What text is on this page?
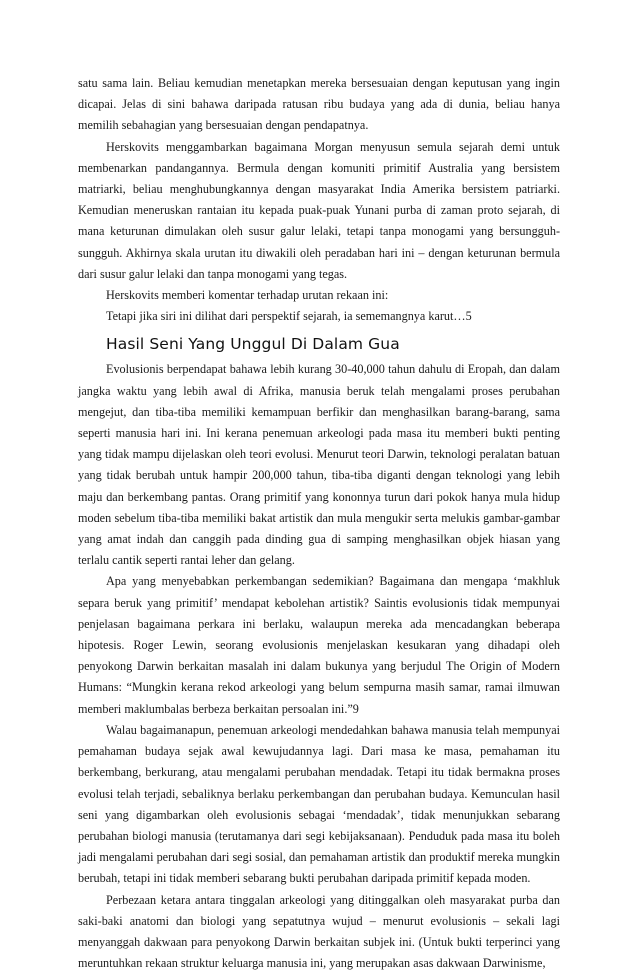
satu sama lain. Beliau kemudian menetapkan mereka bersesuaian dengan keputusan yang ingin dicapai. Jelas di sini bahawa daripada ratusan ribu budaya yang ada di dunia, beliau hanya memilih sebahagian yang bersesuaian dengan pendapatnya.

Herskovits menggambarkan bagaimana Morgan menyusun semula sejarah demi untuk membenarkan pandangannya. Bermula dengan komuniti primitif Australia yang bersistem matriarki, beliau menghubungkannya dengan masyarakat India Amerika bersistem patriarki. Kemudian meneruskan rantaian itu kepada puak-puak Yunani purba di zaman proto sejarah, di mana keturunan dimulakan oleh susur galur lelaki, tetapi tanpa monogami yang bersungguh-sungguh. Akhirnya skala urutan itu diwakili oleh peradaban hari ini – dengan keturunan bermula dari susur galur lelaki dan tanpa monogami yang tegas.

Herskovits memberi komentar terhadap urutan rekaan ini:

Tetapi jika siri ini dilihat dari perspektif sejarah, ia sememangnya karut…5

Hasil Seni Yang Unggul Di Dalam Gua

Evolusionis berpendapat bahawa lebih kurang 30-40,000 tahun dahulu di Eropah, dan dalam jangka waktu yang lebih awal di Afrika, manusia beruk telah mengalami proses perubahan mengejut, dan tiba-tiba memiliki kemampuan berfikir dan menghasilkan barang-barang, sama seperti manusia hari ini. Ini kerana penemuan arkeologi pada masa itu memberi bukti penting yang tidak mampu dijelaskan oleh teori evolusi. Menurut teori Darwin, teknologi peralatan batuan yang tidak berubah untuk hampir 200,000 tahun, tiba-tiba diganti dengan teknologi yang lebih maju dan berkembang pantas. Orang primitif yang kononnya turun dari pokok hanya mula hidup moden sebelum tiba-tiba memiliki bakat artistik dan mula mengukir serta melukis gambar-gambar yang amat indah dan canggih pada dinding gua di samping menghasilkan objek hiasan yang terlalu cantik seperti rantai leher dan gelang.

Apa yang menyebabkan perkembangan sedemikian? Bagaimana dan mengapa ‘makhluk separa beruk yang primitif’ mendapat kebolehan artistik? Saintis evolusionis tidak mempunyai penjelasan bagaimana perkara ini berlaku, walaupun mereka ada mencadangkan beberapa hipotesis. Roger Lewin, seorang evolusionis menjelaskan kesukaran yang dihadapi oleh penyokong Darwin berkaitan masalah ini dalam bukunya yang berjudul The Origin of Modern Humans: “Mungkin kerana rekod arkeologi yang belum sempurna masih samar, ramai ilmuwan memberi maklumbalas berbeza berkaitan persoalan ini.”9

Walau bagaimanapun, penemuan arkeologi mendedahkan bahawa manusia telah mempunyai pemahaman budaya sejak awal kewujudannya lagi. Dari masa ke masa, pemahaman itu berkembang, berkurang, atau mengalami perubahan mendadak. Tetapi itu tidak bermakna proses evolusi telah terjadi, sebaliknya berlaku perkembangan dan perubahan budaya. Kemunculan hasil seni yang digambarkan oleh evolusionis sebagai ‘mendadak’, tidak menunjukkan sebarang perubahan biologi manusia (terutamanya dari segi kebijaksanaan). Penduduk pada masa itu boleh jadi mengalami perubahan dari segi sosial, dan pemahaman artistik dan produktif mereka mungkin berubah, tetapi ini tidak memberi sebarang bukti perubahan daripada primitif kepada moden.

Perbezaan ketara antara tinggalan arkeologi yang ditinggalkan oleh masyarakat purba dan saki-baki anatomi dan biologi yang sepatutnya wujud – menurut evolusionis – sekali lagi menyanggah dakwaan para penyokong Darwin berkaitan subjek ini. (Untuk bukti terperinci yang meruntuhkan rekaan struktur keluarga manusia ini, yang merupakan asas dakwaan Darwinisme,
